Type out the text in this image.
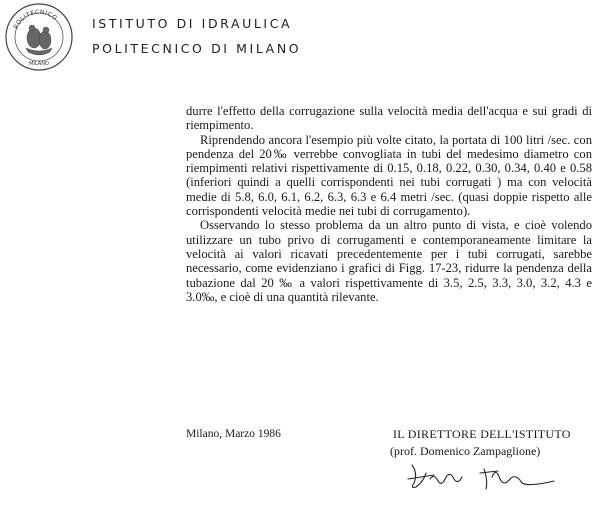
POLITECNICO
MILANO
ISTITUTO DI IDRAULICA
POLITECNICO DI MILANO

durre l'effetto della corrugazione sulla velocità media dell'acqua e sui gradi di riempimento.

Riprendendo ancora l'esempio più volte citato, la portata di 100 litri /sec. con pendenza del 20‰ verrebbe convogliata in tubi del medesimo diametro con riempimenti relativi rispettivamente di 0.15, 0.18, 0.22, 0.30, 0.34, 0.40 e 0.58 (inferiori quindi a quelli corrispondenti nei tubi corrugati ) ma con velocità medie di 5.8, 6.0, 6.1, 6.2, 6.3, 6.3 e 6.4 metri /sec. (quasi doppie rispetto alle corrispondenti velocità medie nei tubi di corrugamento).

Osservando lo stesso problema da un altro punto di vista, e cioè volendo utilizzare un tubo privo di corrugamenti e contemporaneamente limitare la velocità ai valori ricavati precedentemente per i tubi corrugati, sarebbe necessario, come evidenziano i grafici di Figg. 17-23, ridurre la pendenza della tubazione dal 20 ‰ a valori rispettivamente di 3.5, 2.5, 3.3, 3.0, 3.2, 4.3 e 3.0‰, e cioè di una quantità rilevante.

Milano, Marzo 1986	IL DIRETTORE DELL'ISTITUTO
(prof. Domenico Zampaglione)
